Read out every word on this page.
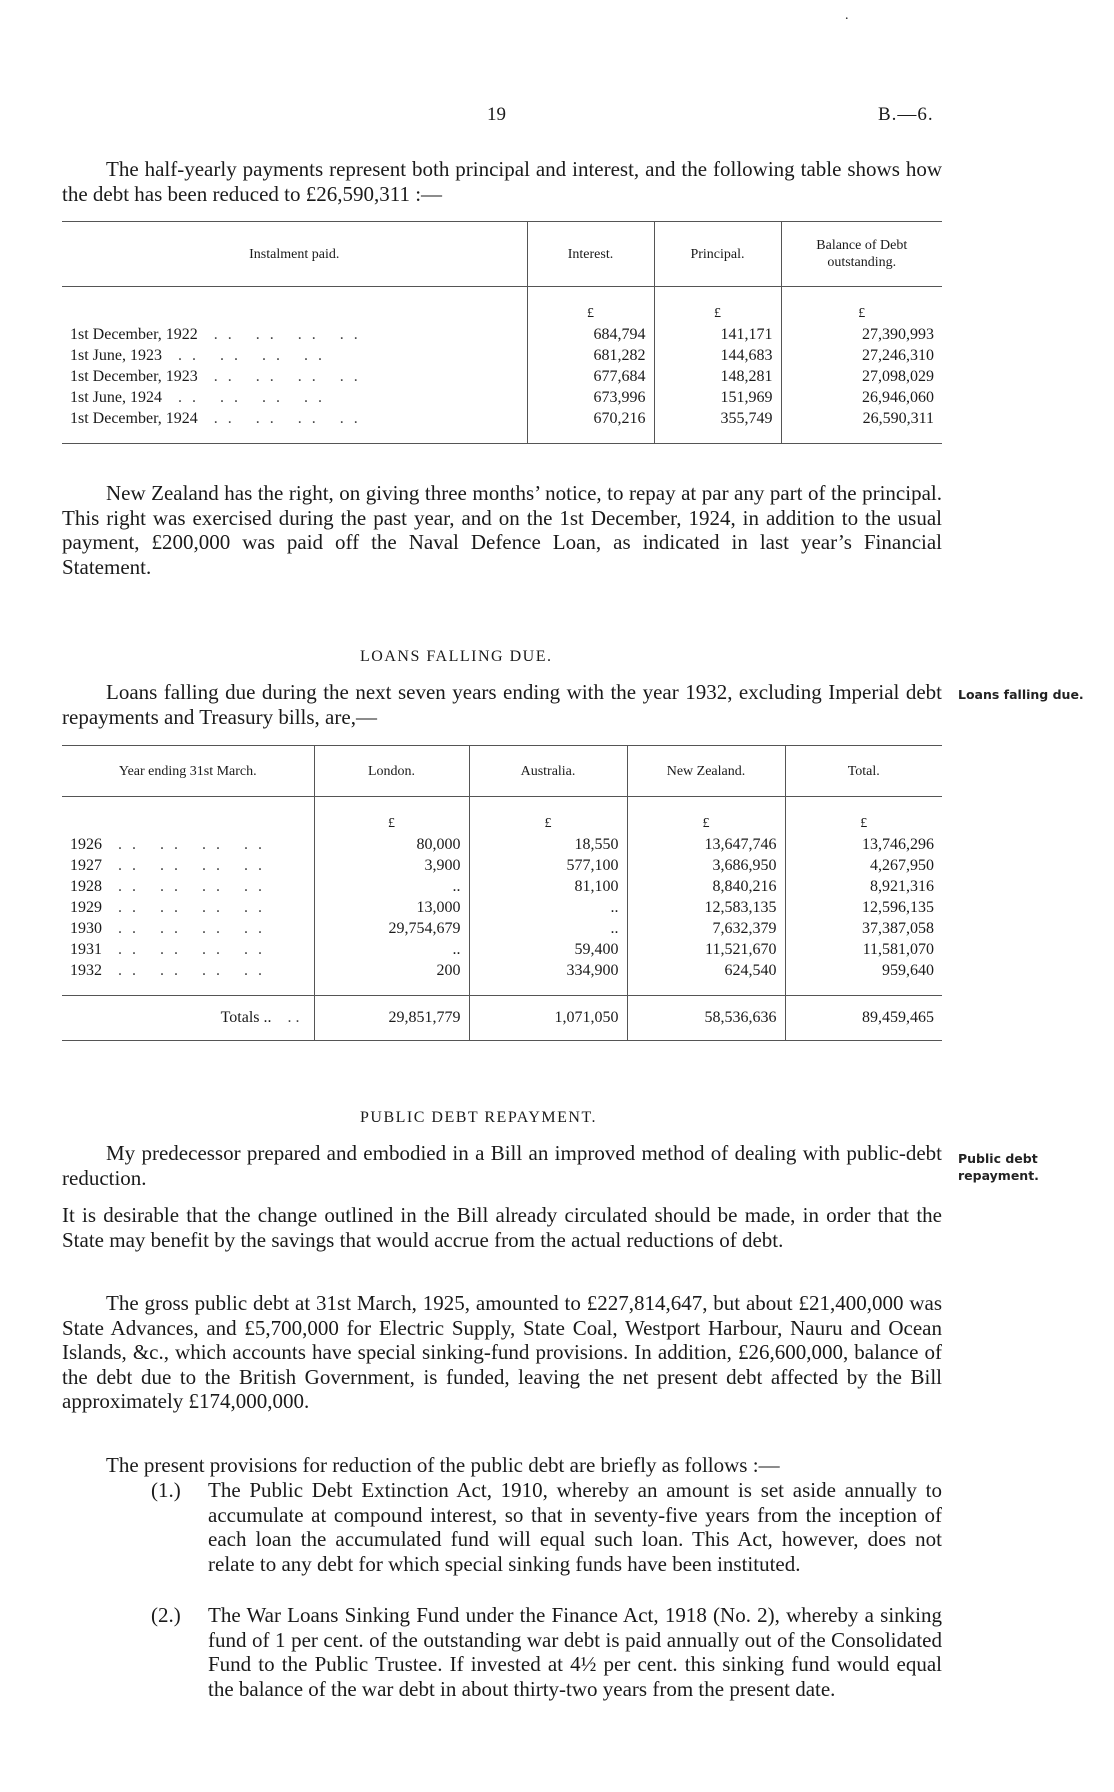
.
19	B.—6.

The half-yearly payments represent both principal and interest, and the following table shows how the debt has been reduced to £26,590,311 :—

Instalment paid.	Interest.	Principal.	Balance of Debt outstanding.
	£	£	£
1st December, 1922 .. .. .. ..	684,794	141,171	27,390,993
1st June, 1923 .. .. .. ..	681,282	144,683	27,246,310
1st December, 1923 .. .. .. ..	677,684	148,281	27,098,029
1st June, 1924 .. .. .. ..	673,996	151,969	26,946,060
1st December, 1924 .. .. .. ..	670,216	355,749	26,590,311

New Zealand has the right, on giving three months’ notice, to repay at par any part of the principal. This right was exercised during the past year, and on the 1st December, 1924, in addition to the usual payment, £200,000 was paid off the Naval Defence Loan, as indicated in last year’s Financial Statement.

LOANS FALLING DUE.
Loans falling due.

Loans falling due during the next seven years ending with the year 1932, excluding Imperial debt repayments and Treasury bills, are,—

Year ending 31st March.	London.	Australia.	New Zealand.	Total.
	£	£	£	£
1926 .. .. .. ..	80,000	18,550	13,647,746	13,746,296
1927 .. .. .. ..	3,900	577,100	3,686,950	4,267,950
1928 .. .. .. ..	..	81,100	8,840,216	8,921,316
1929 .. .. .. ..	13,000	..	12,583,135	12,596,135
1930 .. .. .. ..	29,754,679	..	7,632,379	37,387,058
1931 .. .. .. ..	..	59,400	11,521,670	11,581,070
1932 .. .. .. ..	200	334,900	624,540	959,640
Totals .. ..	29,851,779	1,071,050	58,536,636	89,459,465
PUBLIC DEBT REPAYMENT.
Public debt
repayment.

My predecessor prepared and embodied in a Bill an improved method of dealing with public-debt reduction.

It is desirable that the change outlined in the Bill already circulated should be made, in order that the State may benefit by the savings that would accrue from the actual reductions of debt.

The gross public debt at 31st March, 1925, amounted to £227,814,647, but about £21,400,000 was State Advances, and £5,700,000 for Electric Supply, State Coal, Westport Harbour, Nauru and Ocean Islands, &c., which accounts have special sinking-fund provisions. In addition, £26,600,000, balance of the debt due to the British Government, is funded, leaving the net present debt affected by the Bill approximately £174,000,000.

The present provisions for reduction of the public debt are briefly as follows :—

(1.) The Public Debt Extinction Act, 1910, whereby an amount is set aside annually to accumulate at compound interest, so that in seventy-five years from the inception of each loan the accumulated fund will equal such loan. This Act, however, does not relate to any debt for which special sinking funds have been instituted.
(2.) The War Loans Sinking Fund under the Finance Act, 1918 (No. 2), whereby a sinking fund of 1 per cent. of the outstanding war debt is paid annually out of the Consolidated Fund to the Public Trustee. If invested at 4½ per cent. this sinking fund would equal the balance of the war debt in about thirty-two years from the present date.
